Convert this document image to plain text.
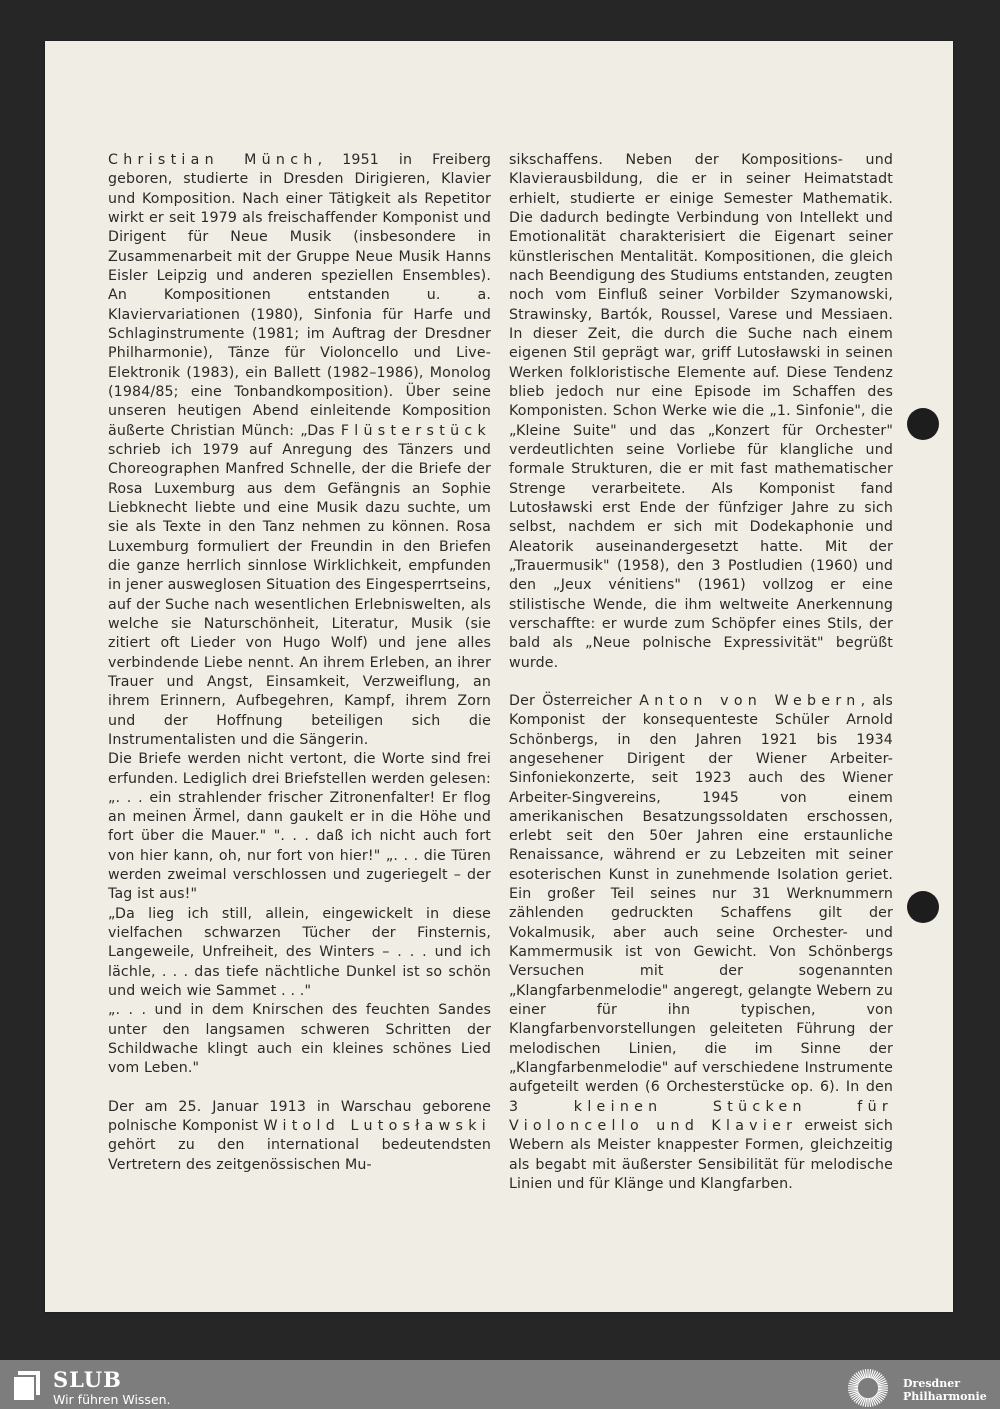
Christian Münch, 1951 in Freiberg geboren, studierte in Dresden Dirigieren, Klavier und Komposition. Nach einer Tätigkeit als Repetitor wirkt er seit 1979 als freischaffender Komponist und Dirigent für Neue Musik (insbesondere in Zusammenarbeit mit der Gruppe Neue Musik Hanns Eisler Leipzig und anderen speziellen Ensembles). An Kompositionen entstanden u. a. Klaviervariationen (1980), Sinfonia für Harfe und Schlaginstrumente (1981; im Auftrag der Dresdner Philharmonie), Tänze für Violoncello und Live-Elektronik (1983), ein Ballett (1982–1986), Monolog (1984/85; eine Tonbandkomposition). Über seine unseren heutigen Abend einleitende Komposition äußerte Christian Münch: „Das Flüsterstück schrieb ich 1979 auf Anregung des Tänzers und Choreographen Manfred Schnelle, der die Briefe der Rosa Luxemburg aus dem Gefängnis an Sophie Liebknecht liebte und eine Musik dazu suchte, um sie als Texte in den Tanz nehmen zu können. Rosa Luxemburg formuliert der Freundin in den Briefen die ganze herrlich sinnlose Wirklichkeit, empfunden in jener ausweglosen Situation des Eingesperrtseins, auf der Suche nach wesentlichen Erlebniswelten, als welche sie Naturschönheit, Literatur, Musik (sie zitiert oft Lieder von Hugo Wolf) und jene alles verbindende Liebe nennt. An ihrem Erleben, an ihrer Trauer und Angst, Einsamkeit, Verzweiflung, an ihrem Erinnern, Aufbegehren, Kampf, ihrem Zorn und der Hoffnung beteiligen sich die Instrumentalisten und die Sängerin.

Die Briefe werden nicht vertont, die Worte sind frei erfunden. Lediglich drei Briefstellen werden gelesen: „. . . ein strahlender frischer Zitronenfalter! Er flog an meinen Ärmel, dann gaukelt er in die Höhe und fort über die Mauer." ". . . daß ich nicht auch fort von hier kann, oh, nur fort von hier!" „. . . die Türen werden zweimal verschlossen und zugeriegelt – der Tag ist aus!"

„Da lieg ich still, allein, eingewickelt in diese vielfachen schwarzen Tücher der Finsternis, Langeweile, Unfreiheit, des Winters – . . . und ich lächle, . . . das tiefe nächtliche Dunkel ist so schön und weich wie Sammet . . ."

„. . . und in dem Knirschen des feuchten Sandes unter den langsamen schweren Schritten der Schildwache klingt auch ein kleines schönes Lied vom Leben."

Der am 25. Januar 1913 in Warschau geborene polnische Komponist Witold Lutosławski gehört zu den international bedeutendsten Vertretern des zeitgenössischen Mu-

sikschaffens. Neben der Kompositions- und Klavierausbildung, die er in seiner Heimatstadt erhielt, studierte er einige Semester Mathematik. Die dadurch bedingte Verbindung von Intellekt und Emotionalität charakterisiert die Eigenart seiner künstlerischen Mentalität. Kompositionen, die gleich nach Beendigung des Studiums entstanden, zeugten noch vom Einfluß seiner Vorbilder Szymanowski, Strawinsky, Bartók, Roussel, Varese und Messiaen. In dieser Zeit, die durch die Suche nach einem eigenen Stil geprägt war, griff Lutosławski in seinen Werken folkloristische Elemente auf. Diese Tendenz blieb jedoch nur eine Episode im Schaffen des Komponisten. Schon Werke wie die „1. Sinfonie", die „Kleine Suite" und das „Konzert für Orchester" verdeutlichten seine Vorliebe für klangliche und formale Strukturen, die er mit fast mathematischer Strenge verarbeitete. Als Komponist fand Lutosławski erst Ende der fünfziger Jahre zu sich selbst, nachdem er sich mit Dodekaphonie und Aleatorik auseinandergesetzt hatte. Mit der „Trauermusik" (1958), den 3 Postludien (1960) und den „Jeux vénitiens" (1961) vollzog er eine stilistische Wende, die ihm weltweite Anerkennung verschaffte: er wurde zum Schöpfer eines Stils, der bald als „Neue polnische Expressivität" begrüßt wurde.

Der Österreicher Anton von Webern, als Komponist der konsequenteste Schüler Arnold Schönbergs, in den Jahren 1921 bis 1934 angesehener Dirigent der Wiener Arbeiter-Sinfoniekonzerte, seit 1923 auch des Wiener Arbeiter-Singvereins, 1945 von einem amerikanischen Besatzungssoldaten erschossen, erlebt seit den 50er Jahren eine erstaunliche Renaissance, während er zu Lebzeiten mit seiner esoterischen Kunst in zunehmende Isolation geriet. Ein großer Teil seines nur 31 Werknummern zählenden gedruckten Schaffens gilt der Vokalmusik, aber auch seine Orchester- und Kammermusik ist von Gewicht. Von Schönbergs Versuchen mit der sogenannten „Klangfarbenmelodie" angeregt, gelangte Webern zu einer für ihn typischen, von Klangfarbenvorstellungen geleiteten Führung der melodischen Linien, die im Sinne der „Klangfarbenmelodie" auf verschiedene Instrumente aufgeteilt werden (6 Orchesterstücke op. 6). In den 3 kleinen Stücken für Violoncello und Klavier erweist sich Webern als Meister knappester Formen, gleichzeitig als begabt mit äußerster Sensibilität für melodische Linien und für Klänge und Klangfarben.

SLUB
Wir führen Wissen.
Dresdner
Philharmonie
